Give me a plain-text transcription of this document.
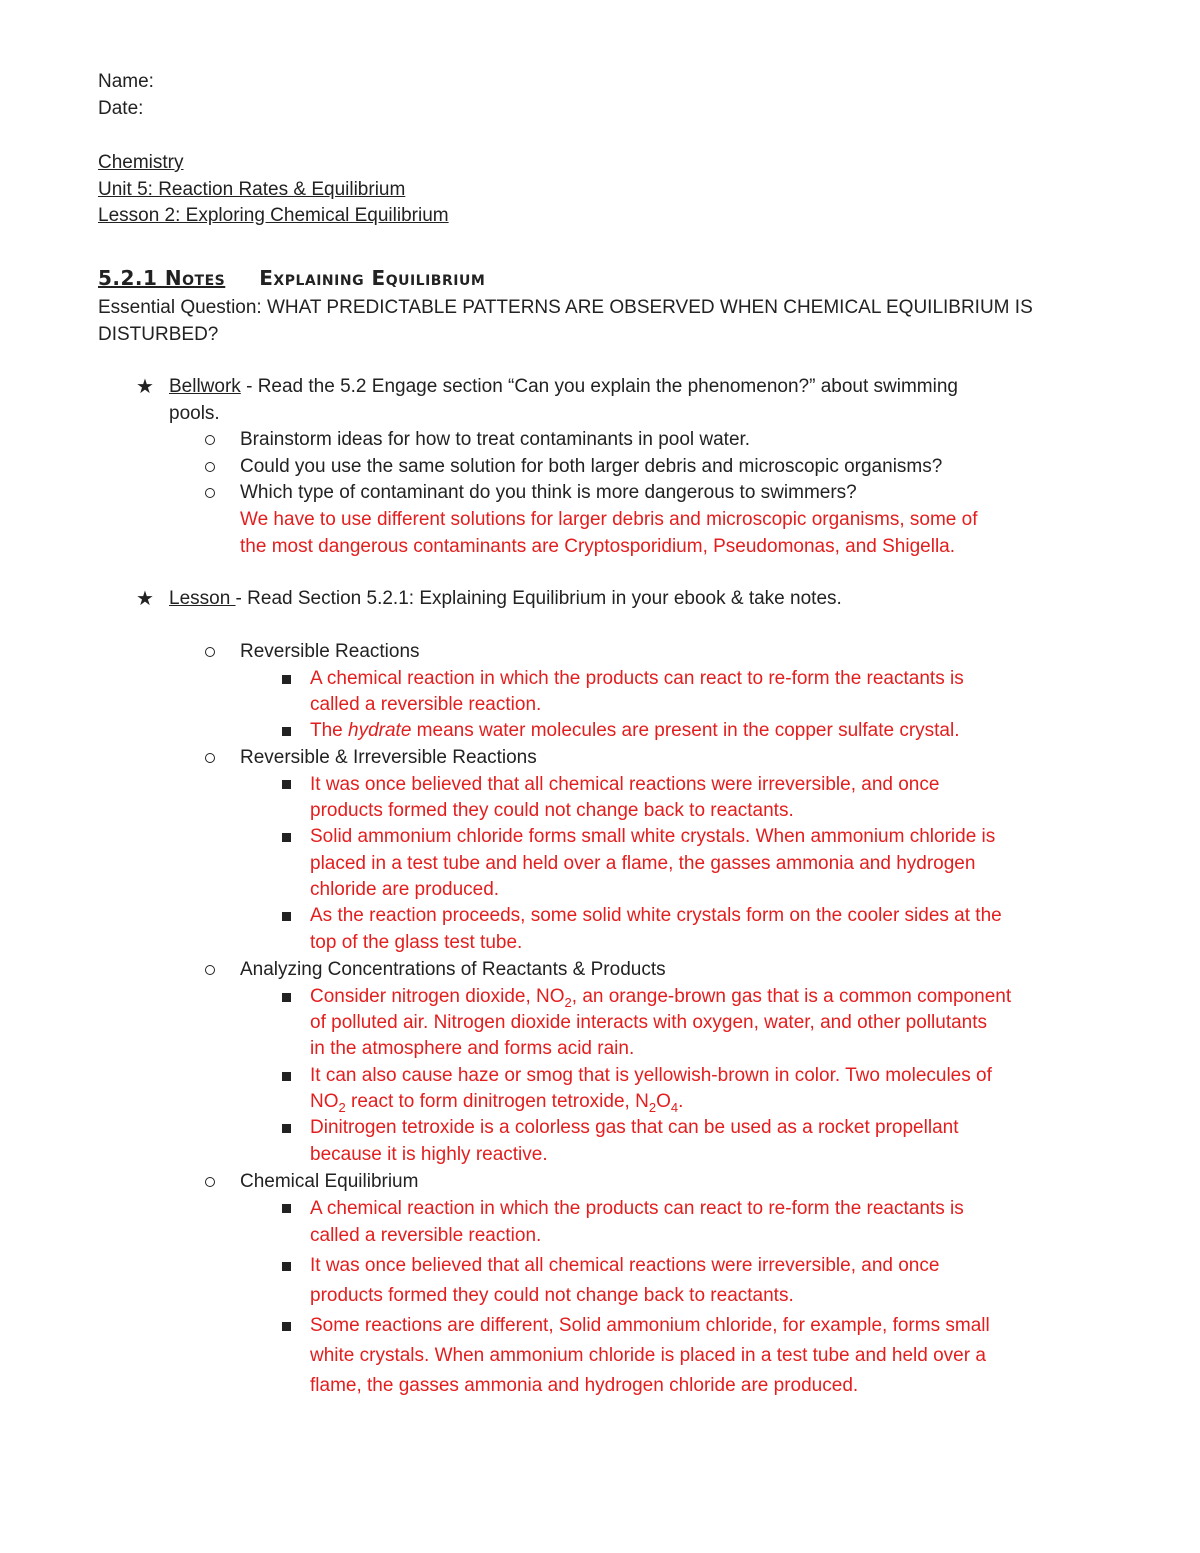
Name:
Date:
Chemistry
Unit 5: Reaction Rates & Equilibrium
Lesson 2: Exploring Chemical Equilibrium
5.2.1 Notes Explaining Equilibrium
Essential Question: WHAT PREDICTABLE PATTERNS ARE OBSERVED WHEN CHEMICAL EQUILIBRIUM IS
DISTURBED?
★ Bellwork - Read the 5.2 Engage section “Can you explain the phenomenon?” about swimming
pools.
Brainstorm ideas for how to treat contaminants in pool water.
Could you use the same solution for both larger debris and microscopic organisms?
Which type of contaminant do you think is more dangerous to swimmers?
We have to use different solutions for larger debris and microscopic organisms, some of
the most dangerous contaminants are Cryptosporidium, Pseudomonas, and Shigella.
★ Lesson - Read Section 5.2.1: Explaining Equilibrium in your ebook & take notes.
Reversible Reactions
A chemical reaction in which the products can react to re-form the reactants is
called a reversible reaction.
The hydrate means water molecules are present in the copper sulfate crystal.
Reversible & Irreversible Reactions
It was once believed that all chemical reactions were irreversible, and once
products formed they could not change back to reactants.
Solid ammonium chloride forms small white crystals. When ammonium chloride is
placed in a test tube and held over a flame, the gasses ammonia and hydrogen
chloride are produced.
As the reaction proceeds, some solid white crystals form on the cooler sides at the
top of the glass test tube.
Analyzing Concentrations of Reactants & Products
Consider nitrogen dioxide, $NO_2$, an orange-brown gas that is a common component
of polluted air. Nitrogen dioxide interacts with oxygen, water, and other pollutants
in the atmosphere and forms acid rain.
It can also cause haze or smog that is yellowish-brown in color. Two molecules of
$NO_2$ react to form dinitrogen tetroxide, $N_2O_4$.
Dinitrogen tetroxide is a colorless gas that can be used as a rocket propellant
because it is highly reactive.
Chemical Equilibrium
A chemical reaction in which the products can react to re-form the reactants is
called a reversible reaction.
It was once believed that all chemical reactions were irreversible, and once
products formed they could not change back to reactants.
Some reactions are different, Solid ammonium chloride, for example, forms small
white crystals. When ammonium chloride is placed in a test tube and held over a
flame, the gasses ammonia and hydrogen chloride are produced.
